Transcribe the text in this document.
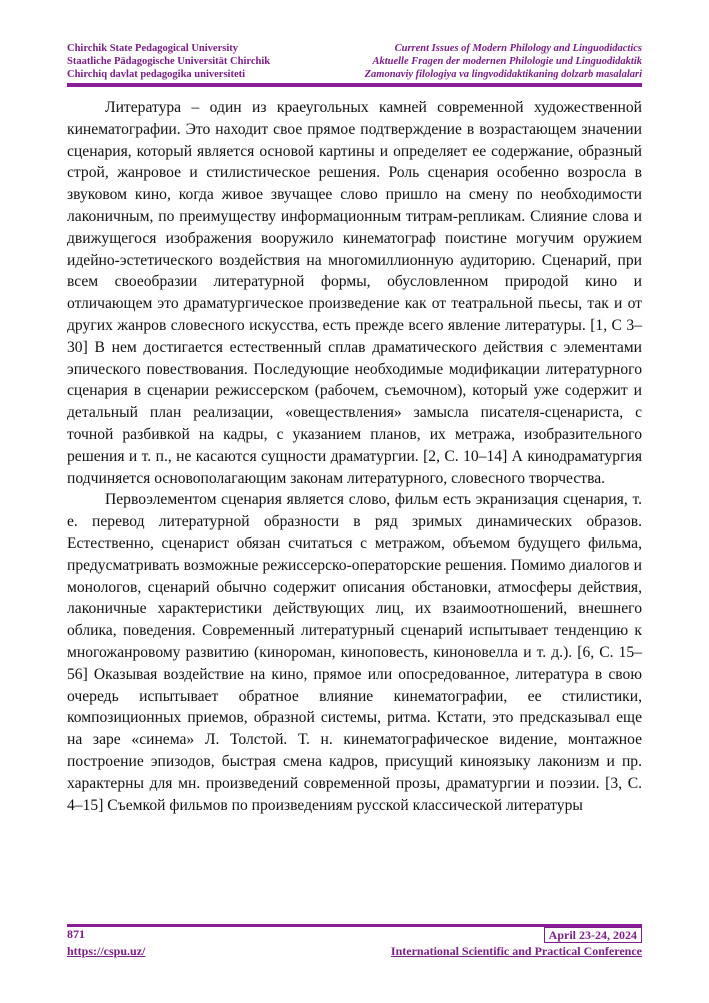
Chirchik State Pedagogical University
Staatliche Pädagogische Universität Chirchik
Chirchiq davlat pedagogika universiteti
Current Issues of Modern Philology and Linguodidactics
Aktuelle Fragen der modernen Philologie und Linguodidaktik
Zamonaviy filologiya va lingvodidaktikaning dolzarb masalalari

Литература – один из краеугольных камней современной художественной кинематографии. Это находит свое прямое подтверждение в возрастающем значении сценария, который является основой картины и определяет ее содержание, образный строй, жанровое и стилистическое решения. Роль сценария особенно возросла в звуковом кино, когда живое звучащее слово пришло на смену по необходимости лаконичным, по преимуществу информационным титрам-репликам. Слияние слова и движущегося изображения вооружило кинематограф поистине могучим оружием идейно-эстетического воздействия на многомиллионную аудиторию. Сценарий, при всем своеобразии литературной формы, обусловленном природой кино и отличающем это драматургическое произведение как от театральной пьесы, так и от других жанров словесного искусства, есть прежде всего явление литературы. [1, С 3–30] В нем достигается естественный сплав драматического действия с элементами эпического повествования. Последующие необходимые модификации литературного сценария в сценарии режиссерском (рабочем, съемочном), который уже содержит и детальный план реализации, «овеществления» замысла писателя-сценариста, с точной разбивкой на кадры, с указанием планов, их метража, изобразительного решения и т. п., не касаются сущности драматургии. [2, С. 10–14] А кинодраматургия подчиняется основополагающим законам литературного, словесного творчества.

Первоэлементом сценария является слово, фильм есть экранизация сценария, т. е. перевод литературной образности в ряд зримых динамических образов. Естественно, сценарист обязан считаться с метражом, объемом будущего фильма, предусматривать возможные режиссерско-операторские решения. Помимо диалогов и монологов, сценарий обычно содержит описания обстановки, атмосферы действия, лаконичные характеристики действующих лиц, их взаимоотношений, внешнего облика, поведения. Современный литературный сценарий испытывает тенденцию к многожанровому развитию (кинороман, киноповесть, киноновелла и т. д.). [6, С. 15–56] Оказывая воздействие на кино, прямое или опосредованное, литература в свою очередь испытывает обратное влияние кинематографии, ее стилистики, композиционных приемов, образной системы, ритма. Кстати, это предсказывал еще на заре «синема» Л. Толстой. Т. н. кинематографическое видение, монтажное построение эпизодов, быстрая смена кадров, присущий киноязыку лаконизм и пр. характерны для мн. произведений современной прозы, драматургии и поэзии. [3, С. 4–15] Съемкой фильмов по произведениям русской классической литературы

871	April 23-24, 2024
https://cspu.uz/	International Scientific and Practical Conference
